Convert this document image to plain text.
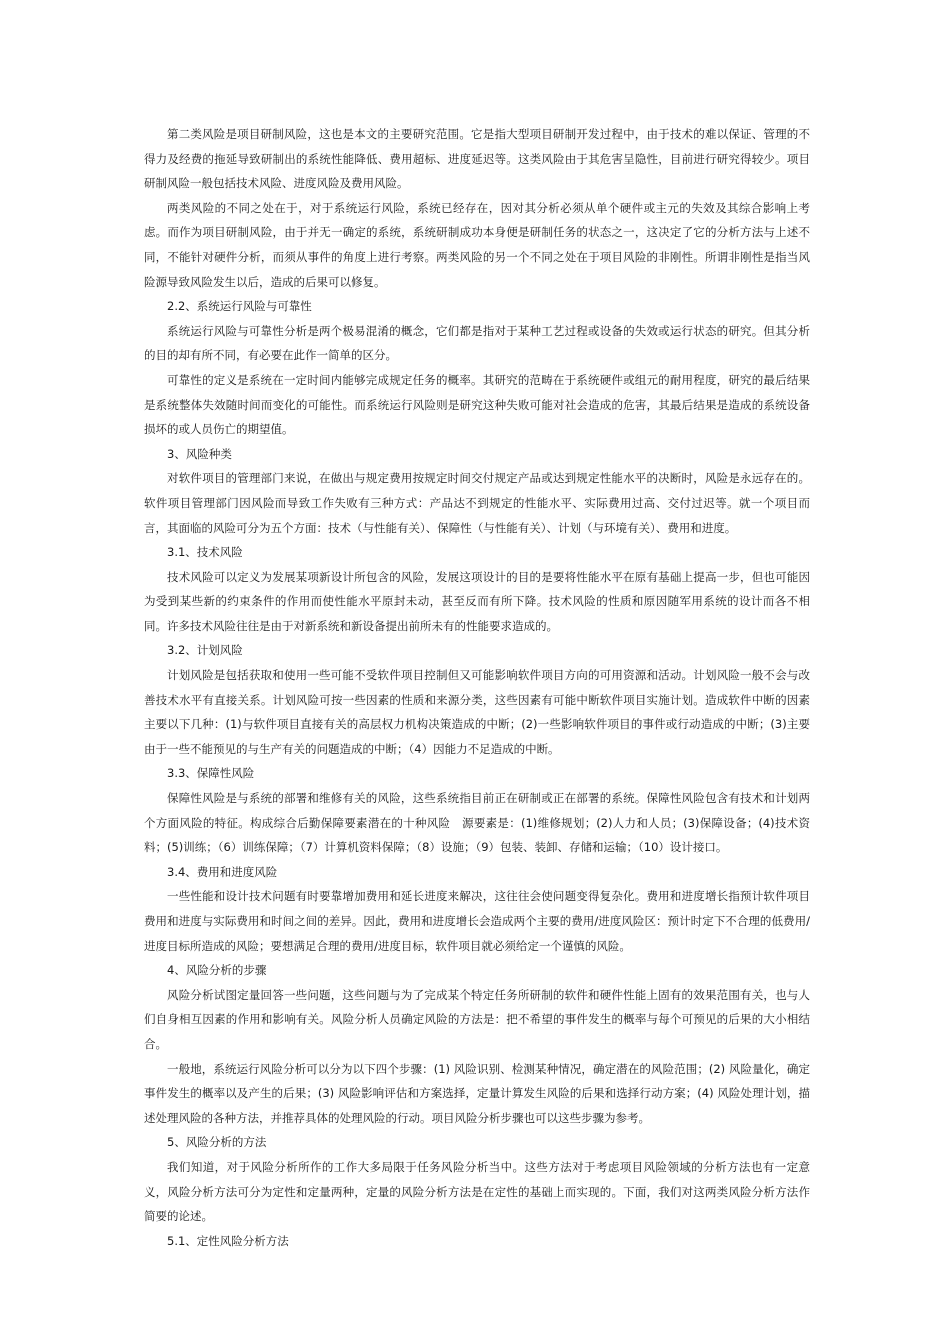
第二类风险是项目研制风险，这也是本文的主要研究范围。它是指大型项目研制开发过程中，由于技术的难以保证、管理的不得力及经费的拖延导致研制出的系统性能降低、费用超标、进度延迟等。这类风险由于其危害呈隐性，目前进行研究得较少。项目研制风险一般包括技术风险、进度风险及费用风险。

两类风险的不同之处在于，对于系统运行风险，系统已经存在，因对其分析必须从单个硬件或主元的失效及其综合影响上考虑。而作为项目研制风险，由于并无一确定的系统，系统研制成功本身便是研制任务的状态之一，这决定了它的分析方法与上述不同，不能针对硬件分析，而须从事件的角度上进行考察。两类风险的另一个不同之处在于项目风险的非刚性。所谓非刚性是指当风险源导致风险发生以后，造成的后果可以修复。

2.2、系统运行风险与可靠性

系统运行风险与可靠性分析是两个极易混淆的概念，它们都是指对于某种工艺过程或设备的失效或运行状态的研究。但其分析的目的却有所不同，有必要在此作一简单的区分。

可靠性的定义是系统在一定时间内能够完成规定任务的概率。其研究的范畴在于系统硬件或组元的耐用程度，研究的最后结果是系统整体失效随时间而变化的可能性。而系统运行风险则是研究这种失败可能对社会造成的危害，其最后结果是造成的系统设备损坏的或人员伤亡的期望值。

3、风险种类

对软件项目的管理部门来说，在做出与规定费用按规定时间交付规定产品或达到规定性能水平的决断时，风险是永远存在的。软件项目管理部门因风险而导致工作失败有三种方式：产品达不到规定的性能水平、实际费用过高、交付过迟等。就一个项目而言，其面临的风险可分为五个方面：技术（与性能有关）、保障性（与性能有关）、计划（与环境有关）、费用和进度。

3.1、技术风险

技术风险可以定义为发展某项新设计所包含的风险，发展这项设计的目的是要将性能水平在原有基础上提高一步，但也可能因为受到某些新的约束条件的作用而使性能水平原封未动，甚至反而有所下降。技术风险的性质和原因随军用系统的设计而各不相同。许多技术风险往往是由于对新系统和新设备提出前所未有的性能要求造成的。

3.2、计划风险

计划风险是包括获取和使用一些可能不受软件项目控制但又可能影响软件项目方向的可用资源和活动。计划风险一般不会与改善技术水平有直接关系。计划风险可按一些因素的性质和来源分类，这些因素有可能中断软件项目实施计划。造成软件中断的因素主要以下几种：(1)与软件项目直接有关的高层权力机构决策造成的中断；(2)一些影响软件项目的事件或行动造成的中断；(3)主要由于一些不能预见的与生产有关的问题造成的中断；（4）因能力不足造成的中断。

3.3、保障性风险

保障性风险是与系统的部署和维修有关的风险，这些系统指目前正在研制或正在部署的系统。保障性风险包含有技术和计划两个方面风险的特征。构成综合后勤保障要素潜在的十种风险　源要素是：(1)维修规划；(2)人力和人员；(3)保障设备；(4)技术资料；(5)训练；（6）训练保障；（7）计算机资料保障；（8）设施；（9）包装、装卸、存储和运输；（10）设计接口。

3.4、费用和进度风险

一些性能和设计技术问题有时要靠增加费用和延长进度来解决，这往往会使问题变得复杂化。费用和进度增长指预计软件项目费用和进度与实际费用和时间之间的差异。因此，费用和进度增长会造成两个主要的费用/进度风险区：预计时定下不合理的低费用/进度目标所造成的风险；要想满足合理的费用/进度目标，软件项目就必须给定一个谨慎的风险。

4、风险分析的步骤

风险分析试图定量回答一些问题，这些问题与为了完成某个特定任务所研制的软件和硬件性能上固有的效果范围有关，也与人们自身相互因素的作用和影响有关。风险分析人员确定风险的方法是：把不希望的事件发生的概率与每个可预见的后果的大小相结合。

一般地，系统运行风险分析可以分为以下四个步骤：(1) 风险识别、检测某种情况，确定潜在的风险范围；(2) 风险量化，确定事件发生的概率以及产生的后果；(3) 风险影响评估和方案选择，定量计算发生风险的后果和选择行动方案；(4) 风险处理计划，描述处理风险的各种方法，并推荐具体的处理风险的行动。项目风险分析步骤也可以这些步骤为参考。

5、风险分析的方法

我们知道，对于风险分析所作的工作大多局限于任务风险分析当中。这些方法对于考虑项目风险领域的分析方法也有一定意义，风险分析方法可分为定性和定量两种，定量的风险分析方法是在定性的基础上而实现的。下面，我们对这两类风险分析方法作简要的论述。

5.1、定性风险分析方法
